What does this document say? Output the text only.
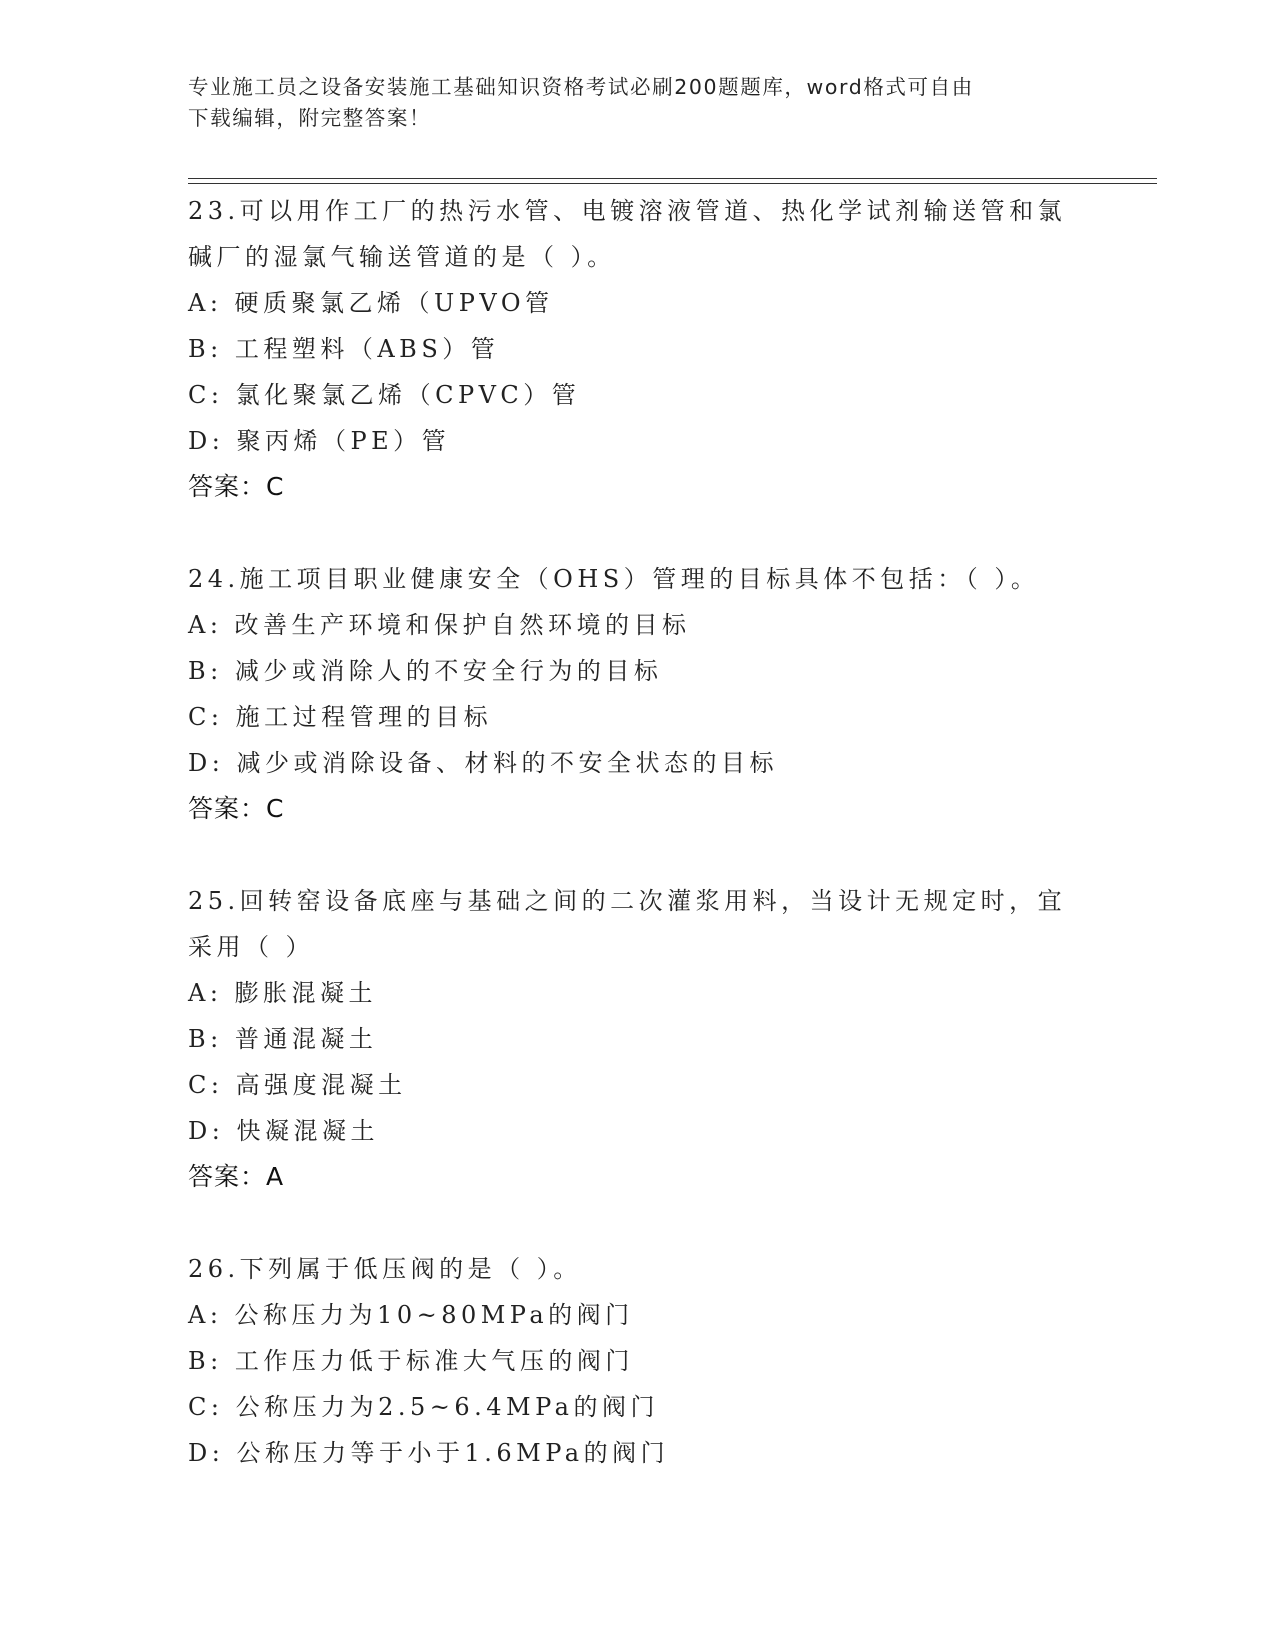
专业施工员之设备安装施工基础知识资格考试必刷200题题库，word格式可自由
下载编辑，附完整答案！
23.可以用作工厂的热污水管、电镀溶液管道、热化学试剂输送管和氯
碱厂的湿氯气输送管道的是（ ）。
A: 硬质聚氯乙烯（UPVO管
B: 工程塑料（ABS）管
C: 氯化聚氯乙烯（CPVC）管
D: 聚丙烯（PE）管
答案：C
24.施工项目职业健康安全（OHS）管理的目标具体不包括：（ ）。
A: 改善生产环境和保护自然环境的目标
B: 减少或消除人的不安全行为的目标
C: 施工过程管理的目标
D: 减少或消除设备、材料的不安全状态的目标
答案：C
25.回转窑设备底座与基础之间的二次灌浆用料，当设计无规定时，宜
采用（ ）
A: 膨胀混凝土
B: 普通混凝土
C: 高强度混凝土
D: 快凝混凝土
答案：A
26.下列属于低压阀的是（ ）。
A: 公称压力为10~80MPa的阀门
B: 工作压力低于标准大气压的阀门
C: 公称压力为2.5~6.4MPa的阀门
D: 公称压力等于小于1.6MPa的阀门
